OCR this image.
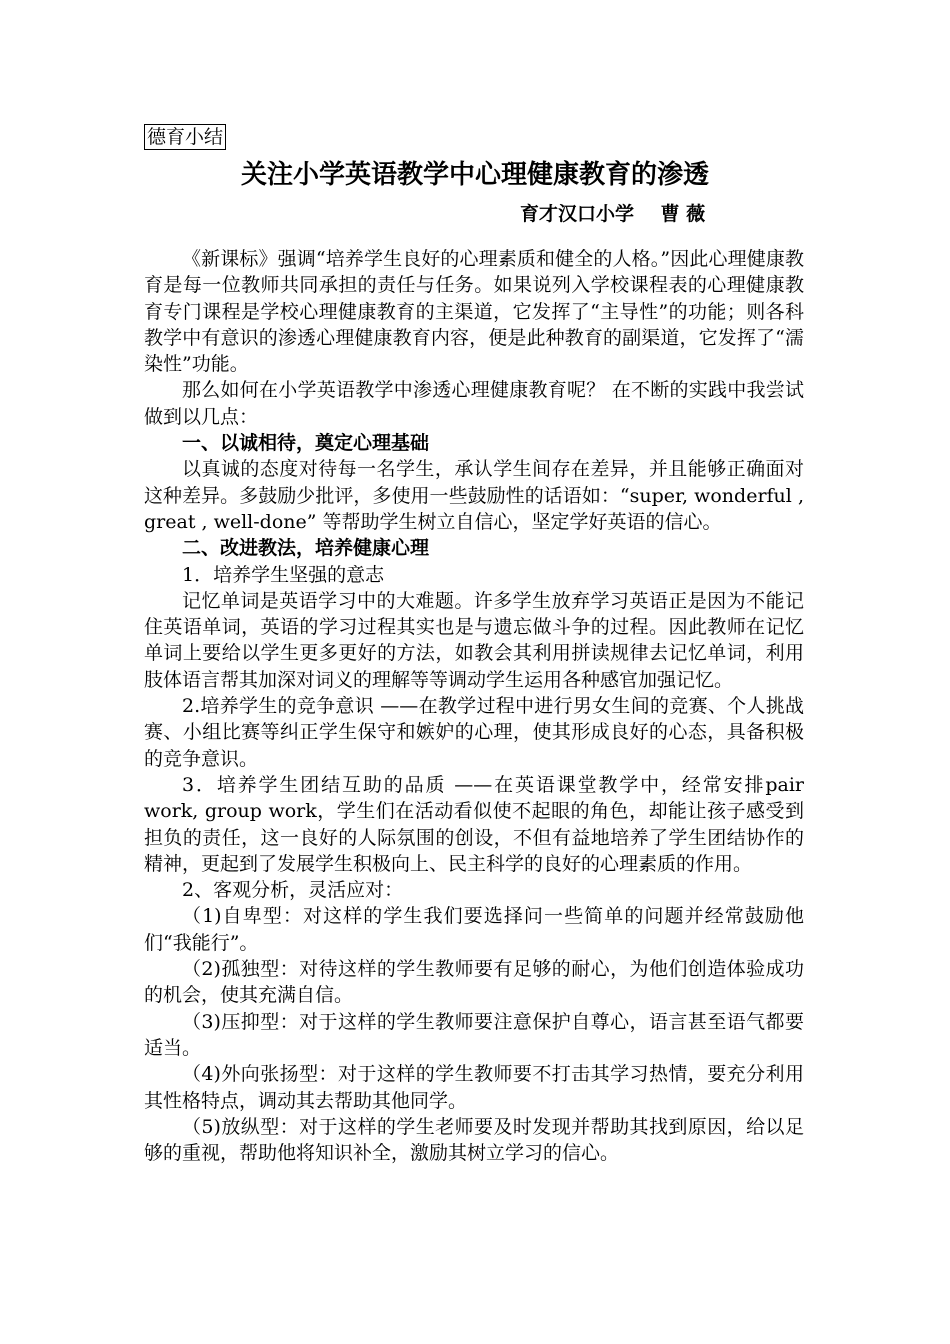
德育小结
关注小学英语教学中心理健康教育的渗透
育才汉口小学    曹 薇

《新课标》强调“培养学生良好的心理素质和健全的人格。”因此心理健康教育是每一位教师共同承担的责任与任务。如果说列入学校课程表的心理健康教育专门课程是学校心理健康教育的主渠道，它发挥了“主导性”的功能；则各科教学中有意识的渗透心理健康教育内容，便是此种教育的副渠道，它发挥了“濡染性”功能。

那么如何在小学英语教学中渗透心理健康教育呢？ 在不断的实践中我尝试做到以几点：

一、以诚相待，奠定心理基础

以真诚的态度对待每一名学生，承认学生间存在差异，并且能够正确面对这种差异。多鼓励少批评，多使用一些鼓励性的话语如：“super, wonderful , great , well-done” 等帮助学生树立自信心，坚定学好英语的信心。

二、改进教法，培养健康心理

1．培养学生坚强的意志

记忆单词是英语学习中的大难题。许多学生放弃学习英语正是因为不能记住英语单词，英语的学习过程其实也是与遗忘做斗争的过程。因此教师在记忆单词上要给以学生更多更好的方法，如教会其利用拼读规律去记忆单词，利用肢体语言帮其加深对词义的理解等等调动学生运用各种感官加强记忆。

2.培养学生的竞争意识 ——在教学过程中进行男女生间的竞赛、个人挑战赛、小组比赛等纠正学生保守和嫉妒的心理，使其形成良好的心态，具备积极的竞争意识。

3．培养学生团结互助的品质 ——在英语课堂教学中，经常安排pair work, group work，学生们在活动看似使不起眼的角色，却能让孩子感受到担负的责任，这一良好的人际氛围的创设，不但有益地培养了学生团结协作的精神，更起到了发展学生积极向上、民主科学的良好的心理素质的作用。

2、客观分析，灵活应对：

（1)自卑型：对这样的学生我们要选择问一些简单的问题并经常鼓励他们“我能行”。

（2)孤独型：对待这样的学生教师要有足够的耐心，为他们创造体验成功的机会，使其充满自信。

（3)压抑型：对于这样的学生教师要注意保护自尊心，语言甚至语气都要适当。

（4)外向张扬型：对于这样的学生教师要不打击其学习热情，要充分利用其性格特点，调动其去帮助其他同学。

（5)放纵型：对于这样的学生老师要及时发现并帮助其找到原因，给以足够的重视，帮助他将知识补全，激励其树立学习的信心。
